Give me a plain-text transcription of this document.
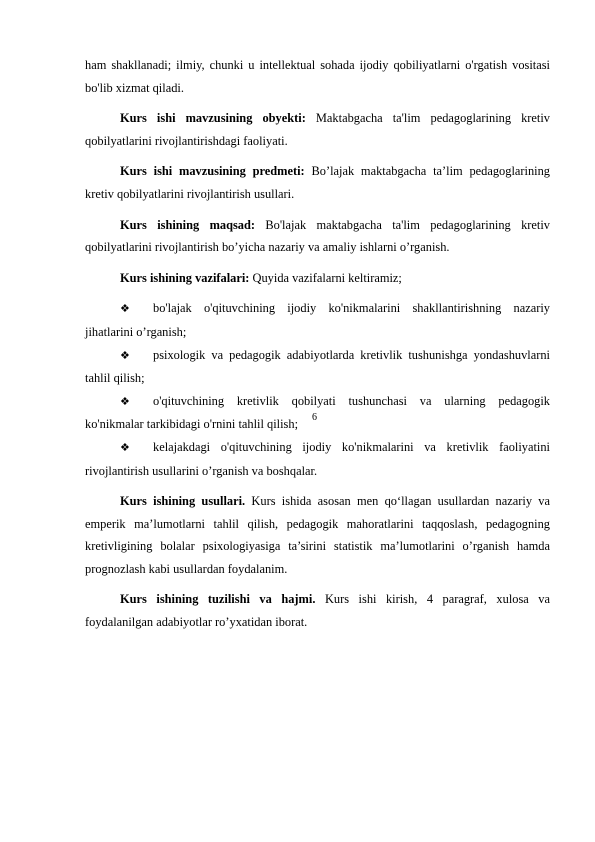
ham shakllanadi; ilmiy, chunki u intellektual sohada ijodiy qobiliyatlarni o'rgatish vositasi bo'lib xizmat qiladi.

Kurs ishi mavzusining obyekti: Maktabgacha ta'lim pedagoglarining kretiv qobilyatlarini rivojlantirishdagi faoliyati.

Kurs ishi mavzusining predmeti: Bo’lajak maktabgacha ta’lim pedagoglarining kretiv qobilyatlarini rivojlantirish usullari.

Kurs ishining maqsad: Bo'lajak maktabgacha ta'lim pedagoglarining kretiv qobilyatlarini rivojlantirish bo’yicha nazariy va amaliy ishlarni o’rganish.

Kurs ishining vazifalari: Quyida vazifalarni keltiramiz;

❖ bo'lajak o'qituvchining ijodiy ko'nikmalarini shakllantirishning nazariy jihatlarini o’rganish;

❖ psixologik va pedagogik adabiyotlarda kretivlik tushunishga yondashuvlarni tahlil qilish;

❖ o'qituvchining kretivlik qobilyati tushunchasi va ularning pedagogik ko'nikmalar tarkibidagi o'rnini tahlil qilish;

❖ kelajakdagi o'qituvchining ijodiy ko'nikmalarini va kretivlik faoliyatini rivojlantirish usullarini o’rganish va boshqalar.

Kurs ishining usullari. Kurs ishida asosan men qo‘llagan usullardan nazariy va emperik ma’lumotlarni tahlil qilish, pedagogik mahoratlarini taqqoslash, pedagogning kretivligining bolalar psixologiyasiga ta’sirini statistik ma’lumotlarini o’rganish hamda prognozlash kabi usullardan foydalanim.

Kurs ishining tuzilishi va hajmi. Kurs ishi kirish, 4 paragraf, xulosa va foydalanilgan adabiyotlar ro’yxatidan iborat.

6
